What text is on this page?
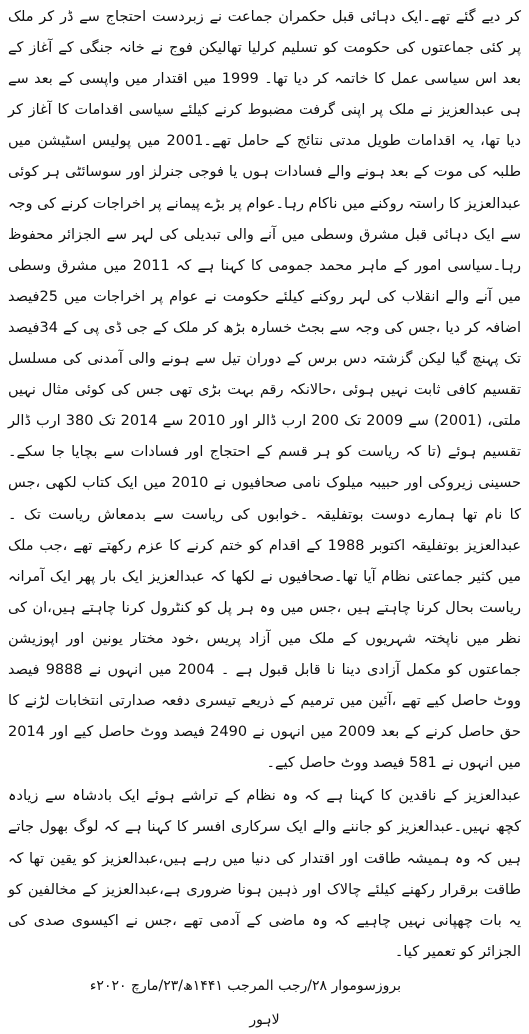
کر دیے گئے تھے۔ایک دہائی قبل حکمران جماعت نے زبردست احتجاج سے ڈر کر ملک پر کئی جماعتوں کی حکومت کو تسلیم کرلیا تھالیکن فوج نے خانہ جنگی کے آغاز کے بعد اس سیاسی عمل کا خاتمہ کر دیا تھا۔ 1999 میں اقتدار میں واپسی کے بعد سے ہی عبدالعزیز نے ملک پر اپنی گرفت مضبوط کرنے کیلئے سیاسی اقدامات کا آغاز کر دیا تھا، یہ اقدامات طویل مدتی نتائج کے حامل تھے۔2001 میں پولیس اسٹیشن میں طلبہ کی موت کے بعد ہونے والے فسادات ہوں یا فوجی جنرلز اور سوسائٹی ہر کوئی عبدالعزیز کا راستہ روکنے میں ناکام رہا۔عوام پر بڑے پیمانے پر اخراجات کرنے کی وجہ سے ایک دہائی قبل مشرق وسطی میں آنے والی تبدیلی کی لہر سے الجزائر محفوظ رہا۔سیاسی امور کے ماہر محمد جمومی کا کہنا ہے کہ 2011 میں مشرق وسطی میں آنے والے انقلاب کی لہر روکنے کیلئے حکومت نے عوام پر اخراجات میں 25فیصد اضافہ کر دیا ،جس کی وجہ سے بجٹ خسارہ بڑھ کر ملک کے جی ڈی پی کے 34فیصد تک پہنچ گیا لیکن گزشتہ دس برس کے دوران تیل سے ہونے والی آمدنی کی مسلسل تقسیم کافی ثابت نہیں ہوئی ،حالانکہ رقم بہت بڑی تھی جس کی کوئی مثال نہیں ملتی، (2001) سے 2009 تک 200 ارب ڈالر اور 2010 سے 2014 تک 380 ارب ڈالر تقسیم ہوئے (تا کہ ریاست کو ہر قسم کے احتجاج اور فسادات سے بچایا جا سکے۔حسینی زیروکی اور حبیبہ میلوک نامی صحافیوں نے 2010 میں ایک کتاب لکھی ،جس کا نام تھا ہمارے دوست بوتفلیقہ ۔خوابوں کی ریاست سے بدمعاش ریاست تک ۔عبدالعزیز بوتفلیقہ اکتوبر 1988 کے اقدام کو ختم کرنے کا عزم رکھتے تھے ،جب ملک میں کثیر جماعتی نظام آیا تھا۔صحافیوں نے لکھا کہ عبدالعزیز ایک بار پھر ایک آمرانہ ریاست بحال کرنا چاہتے ہیں ،جس میں وہ ہر پل کو کنٹرول کرنا چاہتے ہیں،ان کی نظر میں ناپختہ شہریوں کے ملک میں آزاد پریس ،خود مختار یونین اور اپوزیشن جماعتوں کو مکمل آزادی دینا نا قابل قبول ہے ۔ 2004 میں انہوں نے 9888 فیصد ووٹ حاصل کیے تھے ،آئین میں ترمیم کے ذریعے تیسری دفعہ صدارتی انتخابات لڑنے کا حق حاصل کرنے کے بعد 2009 میں انہوں نے 2490 فیصد ووٹ حاصل کیے اور 2014 میں انہوں نے 581 فیصد ووٹ حاصل کیے۔

عبدالعزیز کے ناقدین کا کہنا ہے کہ وہ نظام کے تراشے ہوئے ایک بادشاہ سے زیادہ کچھ نہیں۔عبدالعزیز کو جاننے والے ایک سرکاری افسر کا کہنا ہے کہ لوگ بھول جاتے ہیں کہ وہ ہمیشہ طاقت اور اقتدار کی دنیا میں رہے ہیں،عبدالعزیز کو یقین تھا کہ طاقت برقرار رکھنے کیلئے چالاک اور ذہین ہونا ضروری ہے،عبدالعزیز کے مخالفین کو یہ بات چھپانی نہیں چاہیے کہ وہ ماضی کے آدمی تھے ،جس نے اکیسوی صدی کی الجزائر کو تعمیر کیا۔

بروزسوموار ۲۸/رجب المرجب ۱۴۴۱ھ/۲۳/مارچ ۲۰۲۰ء
لاہور
